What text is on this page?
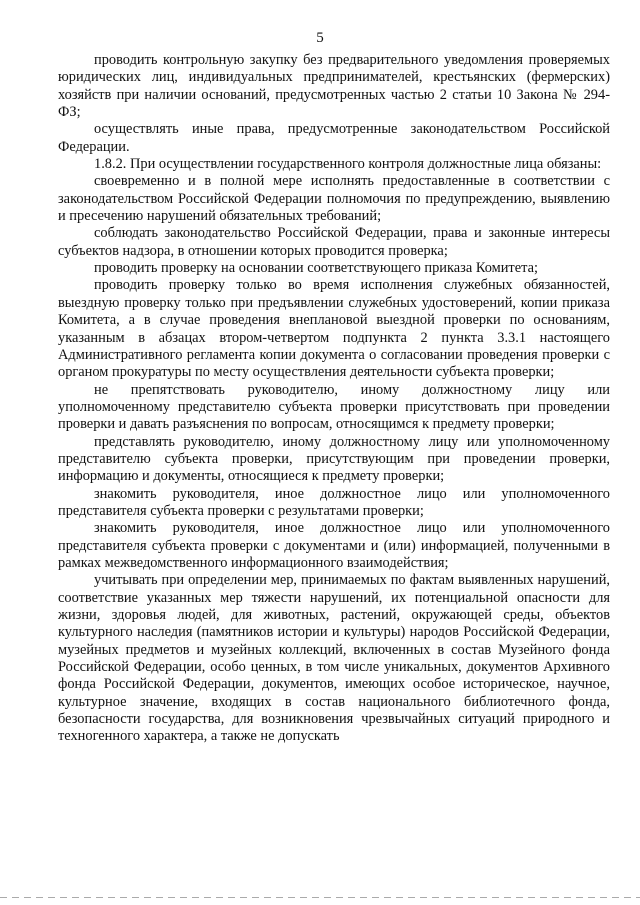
5

проводить контрольную закупку без предварительного уведомления проверяемых юридических лиц, индивидуальных предпринимателей, крестьянских (фермерских) хозяйств при наличии оснований, предусмотренных частью 2 статьи 10 Закона № 294-ФЗ;

осуществлять иные права, предусмотренные законодательством Российской Федерации.

1.8.2. При осуществлении государственного контроля должностные лица обязаны:

своевременно и в полной мере исполнять предоставленные в соответствии с законодательством Российской Федерации полномочия по предупреждению, выявлению и пресечению нарушений обязательных требований;

соблюдать законодательство Российской Федерации, права и законные интересы субъектов надзора, в отношении которых проводится проверка;

проводить проверку на основании соответствующего приказа Комитета;

проводить проверку только во время исполнения служебных обязанностей, выездную проверку только при предъявлении служебных удостоверений, копии приказа Комитета, а в случае проведения внеплановой выездной проверки по основаниям, указанным в абзацах втором-четвертом подпункта 2 пункта 3.3.1 настоящего Административного регламента копии документа о согласовании проведения проверки с органом прокуратуры по месту осуществления деятельности субъекта проверки;

не препятствовать руководителю, иному должностному лицу или уполномоченному представителю субъекта проверки присутствовать при проведении проверки и давать разъяснения по вопросам, относящимся к предмету проверки;

представлять руководителю, иному должностному лицу или уполномоченному представителю субъекта проверки, присутствующим при проведении проверки, информацию и документы, относящиеся к предмету проверки;

знакомить руководителя, иное должностное лицо или уполномоченного представителя субъекта проверки с результатами проверки;

знакомить руководителя, иное должностное лицо или уполномоченного представителя субъекта проверки с документами и (или) информацией, полученными в рамках межведомственного информационного взаимодействия;

учитывать при определении мер, принимаемых по фактам выявленных нарушений, соответствие указанных мер тяжести нарушений, их потенциальной опасности для жизни, здоровья людей, для животных, растений, окружающей среды, объектов культурного наследия (памятников истории и культуры) народов Российской Федерации, музейных предметов и музейных коллекций, включенных в состав Музейного фонда Российской Федерации, особо ценных, в том числе уникальных, документов Архивного фонда Российской Федерации, документов, имеющих особое историческое, научное, культурное значение, входящих в состав национального библиотечного фонда, безопасности государства, для возникновения чрезвычайных ситуаций природного и техногенного характера, а также не допускать
